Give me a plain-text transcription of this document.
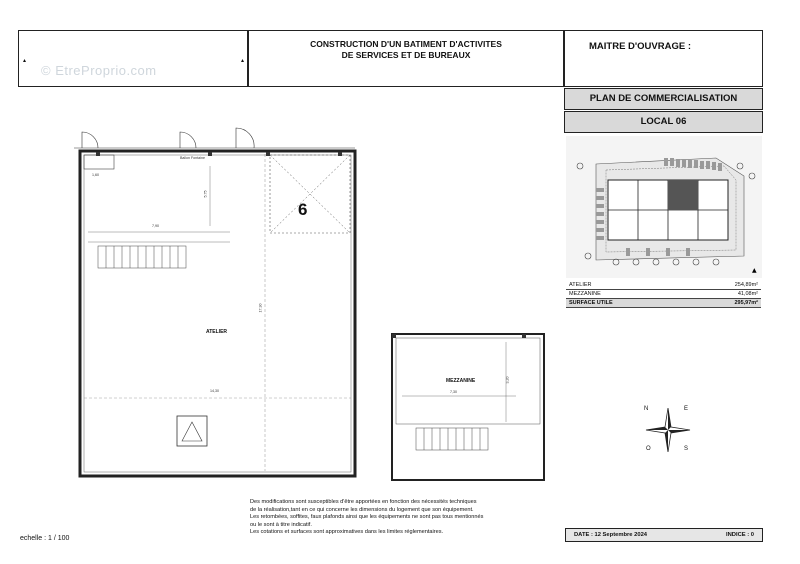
© EtreProprio.com
▴	▴
CONSTRUCTION D'UN BATIMENT D'ACTIVITES
DE SERVICES ET DE BUREAUX
MAITRE D'OUVRAGE :
PLAN DE COMMERCIALISATION
LOCAL 06
▲
ATELIER	254,89m²
MEZZANINE	41,08m²
SURFACE UTILE	295,97m²
6
ATELIER
7,90
14,30
17,30
5,75
1,60
Ballon Fontaine
MEZZANINE
7,30
3,20
N	E
S
O
Des modifications sont susceptibles d'être apportées en fonction des nécessités techniques
de la réalisation,tant en ce qui concerne les dimensions du logement que son équipement.
Les retombées, soffites, faux plafonds ainsi que les équipements ne sont pas tous mentionnés
ou le sont à titre indicatif.
Les cotations et surfaces sont approximatives dans les limites réglementaires.
echelle : 1 / 100	DATE : 12 Septembre 2024	INDICE : 0
